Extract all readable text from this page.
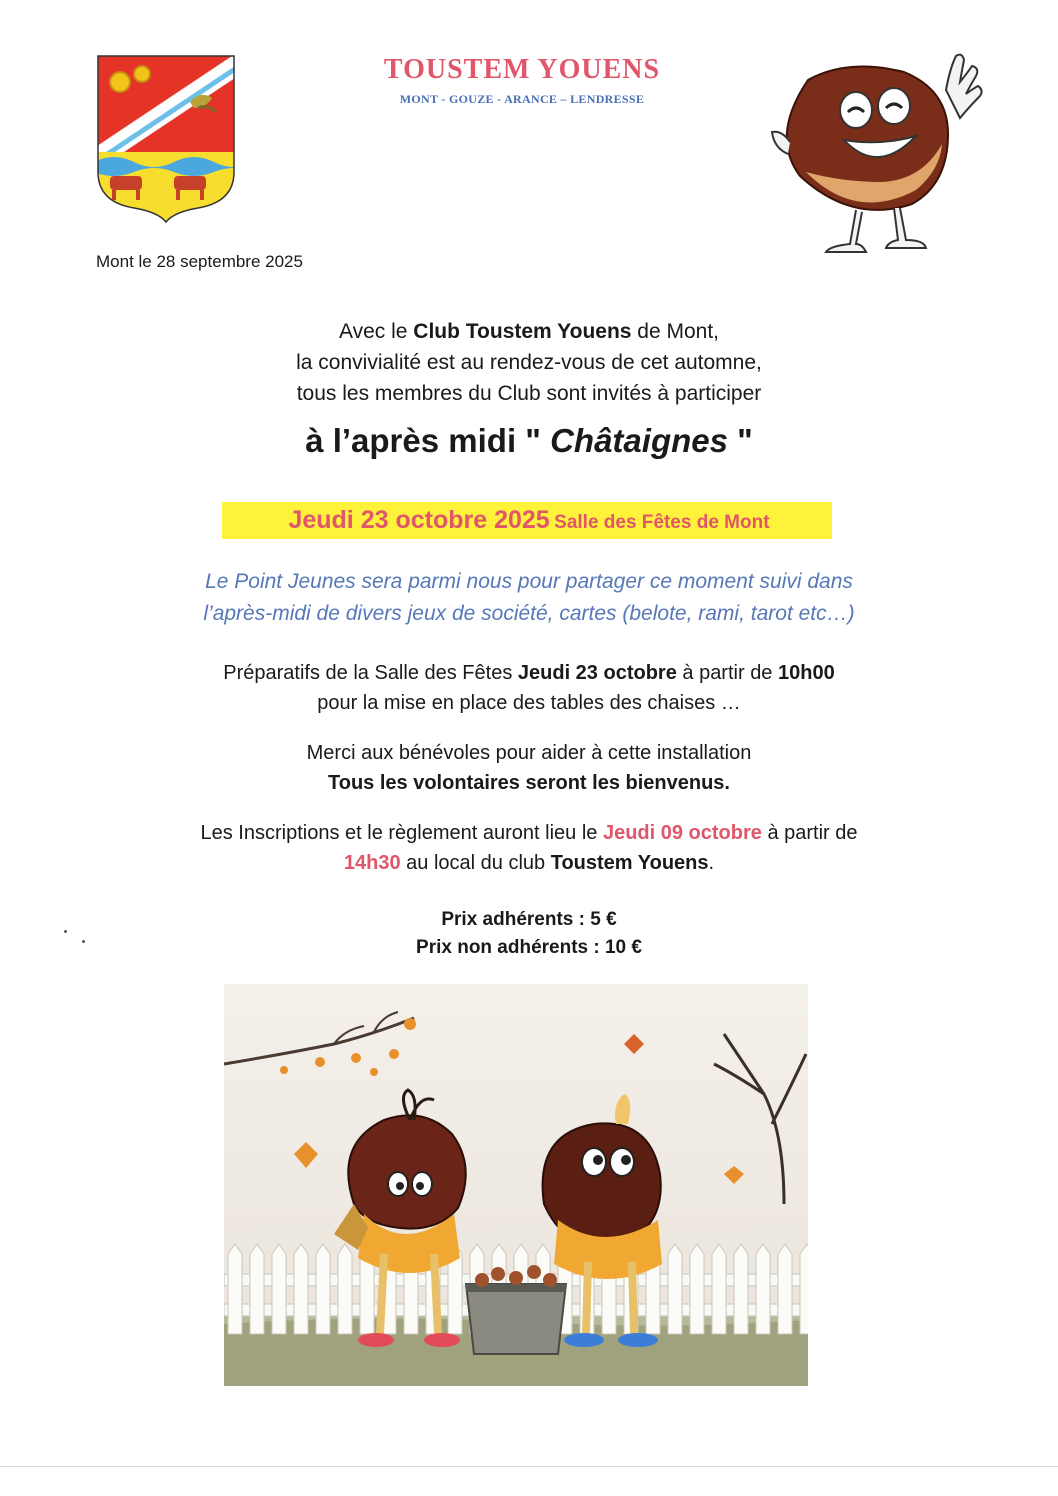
TOUSTEM YOUENS
MONT - GOUZE - ARANCE – LENDRESSE
Mont le 28 septembre 2025
Avec le Club Toustem Youens de Mont,
la convivialité est au rendez-vous de cet automne,
tous les membres du Club sont invités à participer
à l’après midi " Châtaignes "
Jeudi 23 octobre 2025 Salle des Fêtes de Mont
Le Point Jeunes sera parmi nous pour partager ce moment suivi dans
l’après-midi de divers jeux de société, cartes (belote, rami, tarot etc…)
Préparatifs de la Salle des Fêtes Jeudi 23 octobre à partir de 10h00
pour la mise en place des tables des chaises …
Merci aux bénévoles pour aider à cette installation
Tous les volontaires seront les bienvenus.
Les Inscriptions et le règlement auront lieu le Jeudi 09 octobre à partir de
14h30 au local du club Toustem Youens.
Prix adhérents : 5 €
Prix non adhérents : 10 €
